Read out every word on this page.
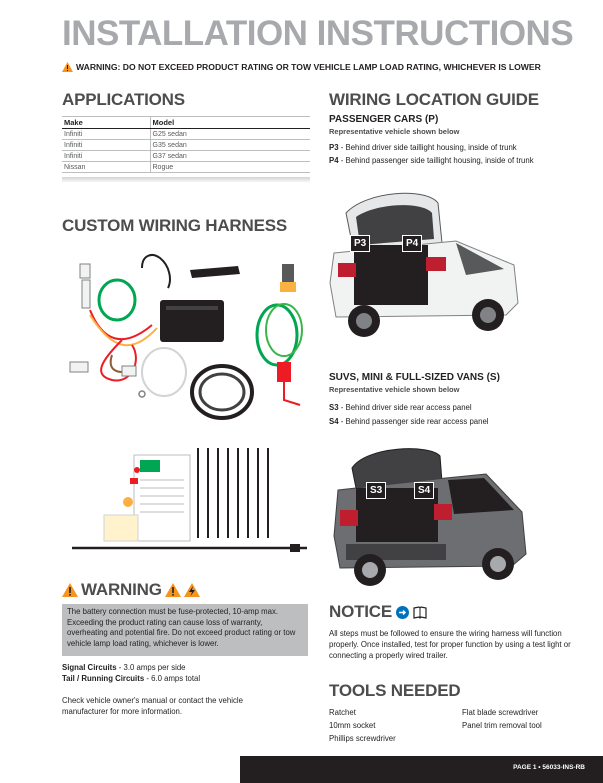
INSTALLATION INSTRUCTIONS
WARNING: DO NOT EXCEED PRODUCT RATING OR TOW VEHICLE LAMP LOAD RATING, WHICHEVER IS LOWER
APPLICATIONS
Make	Model
Infiniti	G25 sedan
Infiniti	G35 sedan
Infiniti	G37 sedan
Nissan	Rogue
CUSTOM WIRING HARNESS
WIRING LOCATION GUIDE
PASSENGER CARS (P)
Representative vehicle shown below
P3 - Behind driver side taillight housing, inside of trunk
P4 - Behind passenger side taillight housing, inside of trunk
P3	P4
SUVS, MINI & FULL-SIZED VANS (S)
Representative vehicle shown below
S3 - Behind driver side rear access panel
S4 - Behind passenger side rear access panel
S3	S4
WARNING
The battery connection must be fuse-protected, 10-amp max. Exceeding the product rating can cause loss of warranty, overheating and potential fire. Do not exceed product rating or tow vehicle lamp load rating, whichever is lower.
Signal Circuits - 3.0 amps per side
Tail / Running Circuits - 6.0 amps total
Check vehicle owner's manual or contact the vehicle manufacturer for more information.
NOTICE
All steps must be followed to ensure the wiring harness will function properly. Once installed, test for proper function by using a test light or connecting a properly wired trailer.
TOOLS NEEDED
Ratchet	Flat blade screwdriver
10mm socket	Panel trim removal tool
Phillips screwdriver
PAGE 1 • 56033-INS-RB
